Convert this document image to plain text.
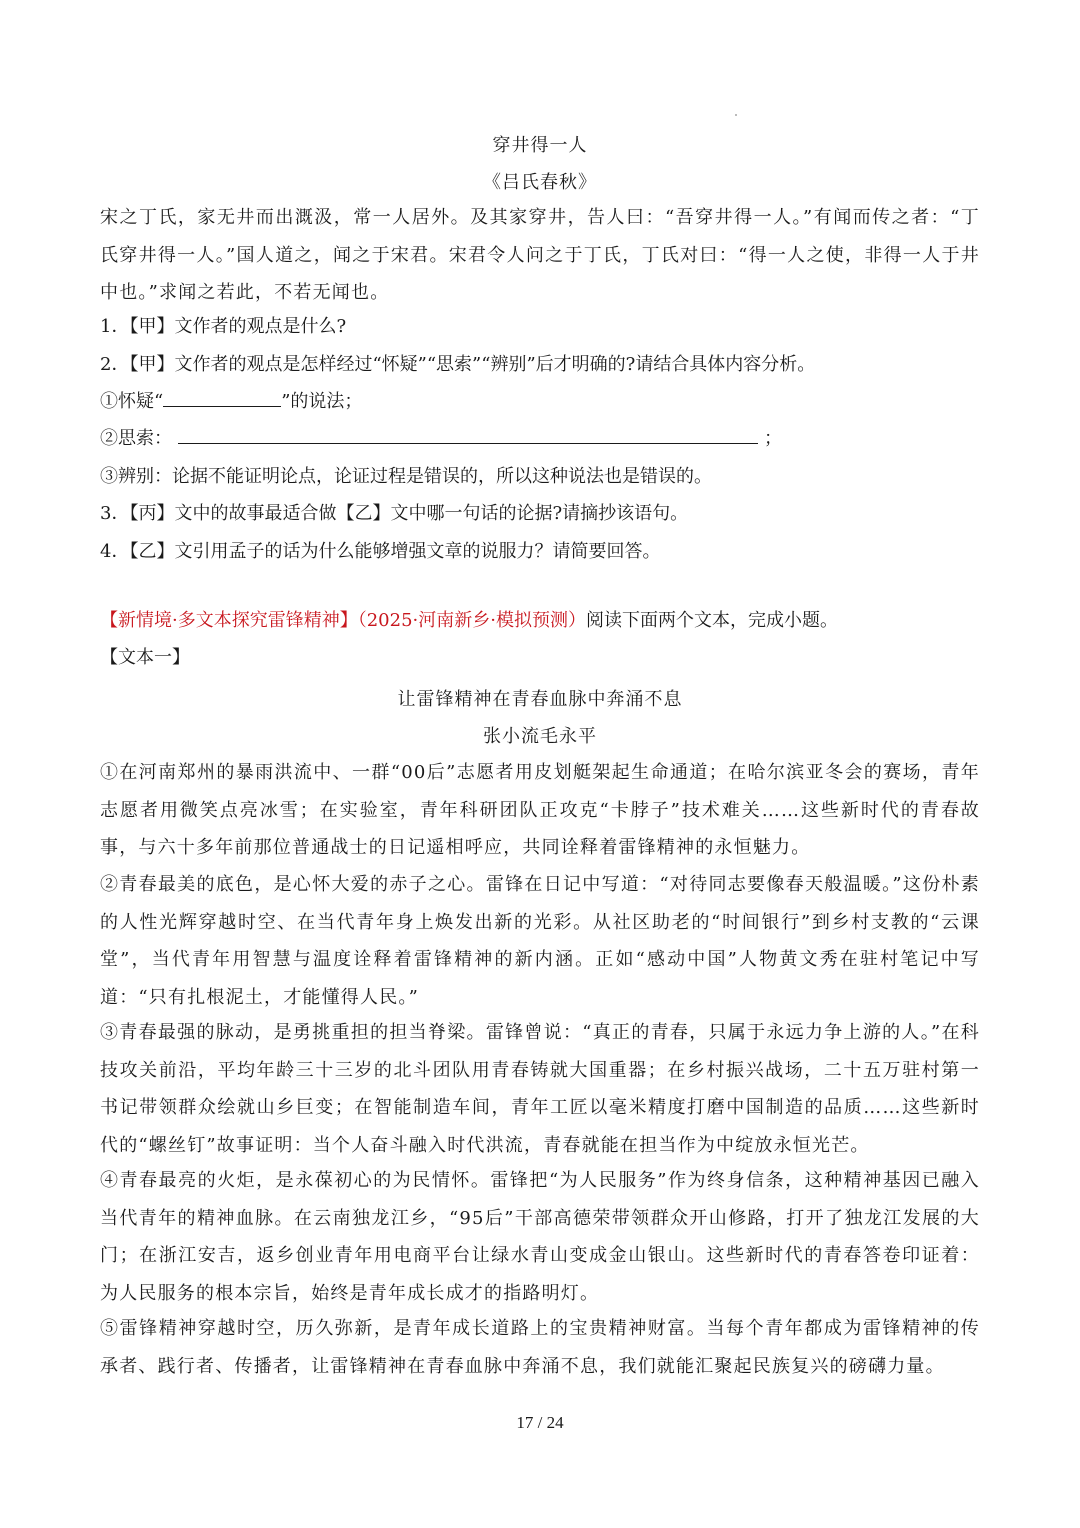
穿井得一人
《吕氏春秋》

宋之丁氏，家无井而出溉汲，常一人居外。及其家穿井，告人曰：“吾穿井得一人。”有闻而传之者：“丁氏穿井得一人。”国人道之，闻之于宋君。宋君令人问之于丁氏，丁氏对曰：“得一人之使，非得一人于井中也。”求闻之若此，不若无闻也。

1．【甲】文作者的观点是什么?
2．【甲】文作者的观点是怎样经过“怀疑”“思索”“辨别”后才明确的?请结合具体内容分析。
①怀疑“	”的说法；
②思索：	；
③辨别：论据不能证明论点，论证过程是错误的，所以这种说法也是错误的。
3．【丙】文中的故事最适合做【乙】文中哪一句话的论据?请摘抄该语句。
4．【乙】文引用孟子的话为什么能够增强文章的说服力？请简要回答。
【新情境·多文本探究雷锋精神】（2025·河南新乡·模拟预测）阅读下面两个文本，完成小题。
【文本一】
让雷锋精神在青春血脉中奔涌不息
张小流毛永平

①在河南郑州的暴雨洪流中、一群“00后”志愿者用皮划艇架起生命通道；在哈尔滨亚冬会的赛场，青年志愿者用微笑点亮冰雪；在实验室，青年科研团队正攻克“卡脖子”技术难关……这些新时代的青春故事，与六十多年前那位普通战士的日记遥相呼应，共同诠释着雷锋精神的永恒魅力。

②青春最美的底色，是心怀大爱的赤子之心。雷锋在日记中写道：“对待同志要像春天般温暖。”这份朴素的人性光辉穿越时空、在当代青年身上焕发出新的光彩。从社区助老的“时间银行”到乡村支教的“云课堂”，当代青年用智慧与温度诠释着雷锋精神的新内涵。正如“感动中国”人物黄文秀在驻村笔记中写道：“只有扎根泥土，才能懂得人民。”

③青春最强的脉动，是勇挑重担的担当脊梁。雷锋曾说：“真正的青春，只属于永远力争上游的人。”在科技攻关前沿，平均年龄三十三岁的北斗团队用青春铸就大国重器；在乡村振兴战场，二十五万驻村第一书记带领群众绘就山乡巨变；在智能制造车间，青年工匠以毫米精度打磨中国制造的品质……这些新时代的“螺丝钉”故事证明：当个人奋斗融入时代洪流，青春就能在担当作为中绽放永恒光芒。

④青春最亮的火炬，是永葆初心的为民情怀。雷锋把“为人民服务”作为终身信条，这种精神基因已融入当代青年的精神血脉。在云南独龙江乡，“95后”干部高德荣带领群众开山修路，打开了独龙江发展的大门；在浙江安吉，返乡创业青年用电商平台让绿水青山变成金山银山。这些新时代的青春答卷印证着：为人民服务的根本宗旨，始终是青年成长成才的指路明灯。

⑤雷锋精神穿越时空，历久弥新，是青年成长道路上的宝贵精神财富。当每个青年都成为雷锋精神的传承者、践行者、传播者，让雷锋精神在青春血脉中奔涌不息，我们就能汇聚起民族复兴的磅礴力量。

17 / 24
